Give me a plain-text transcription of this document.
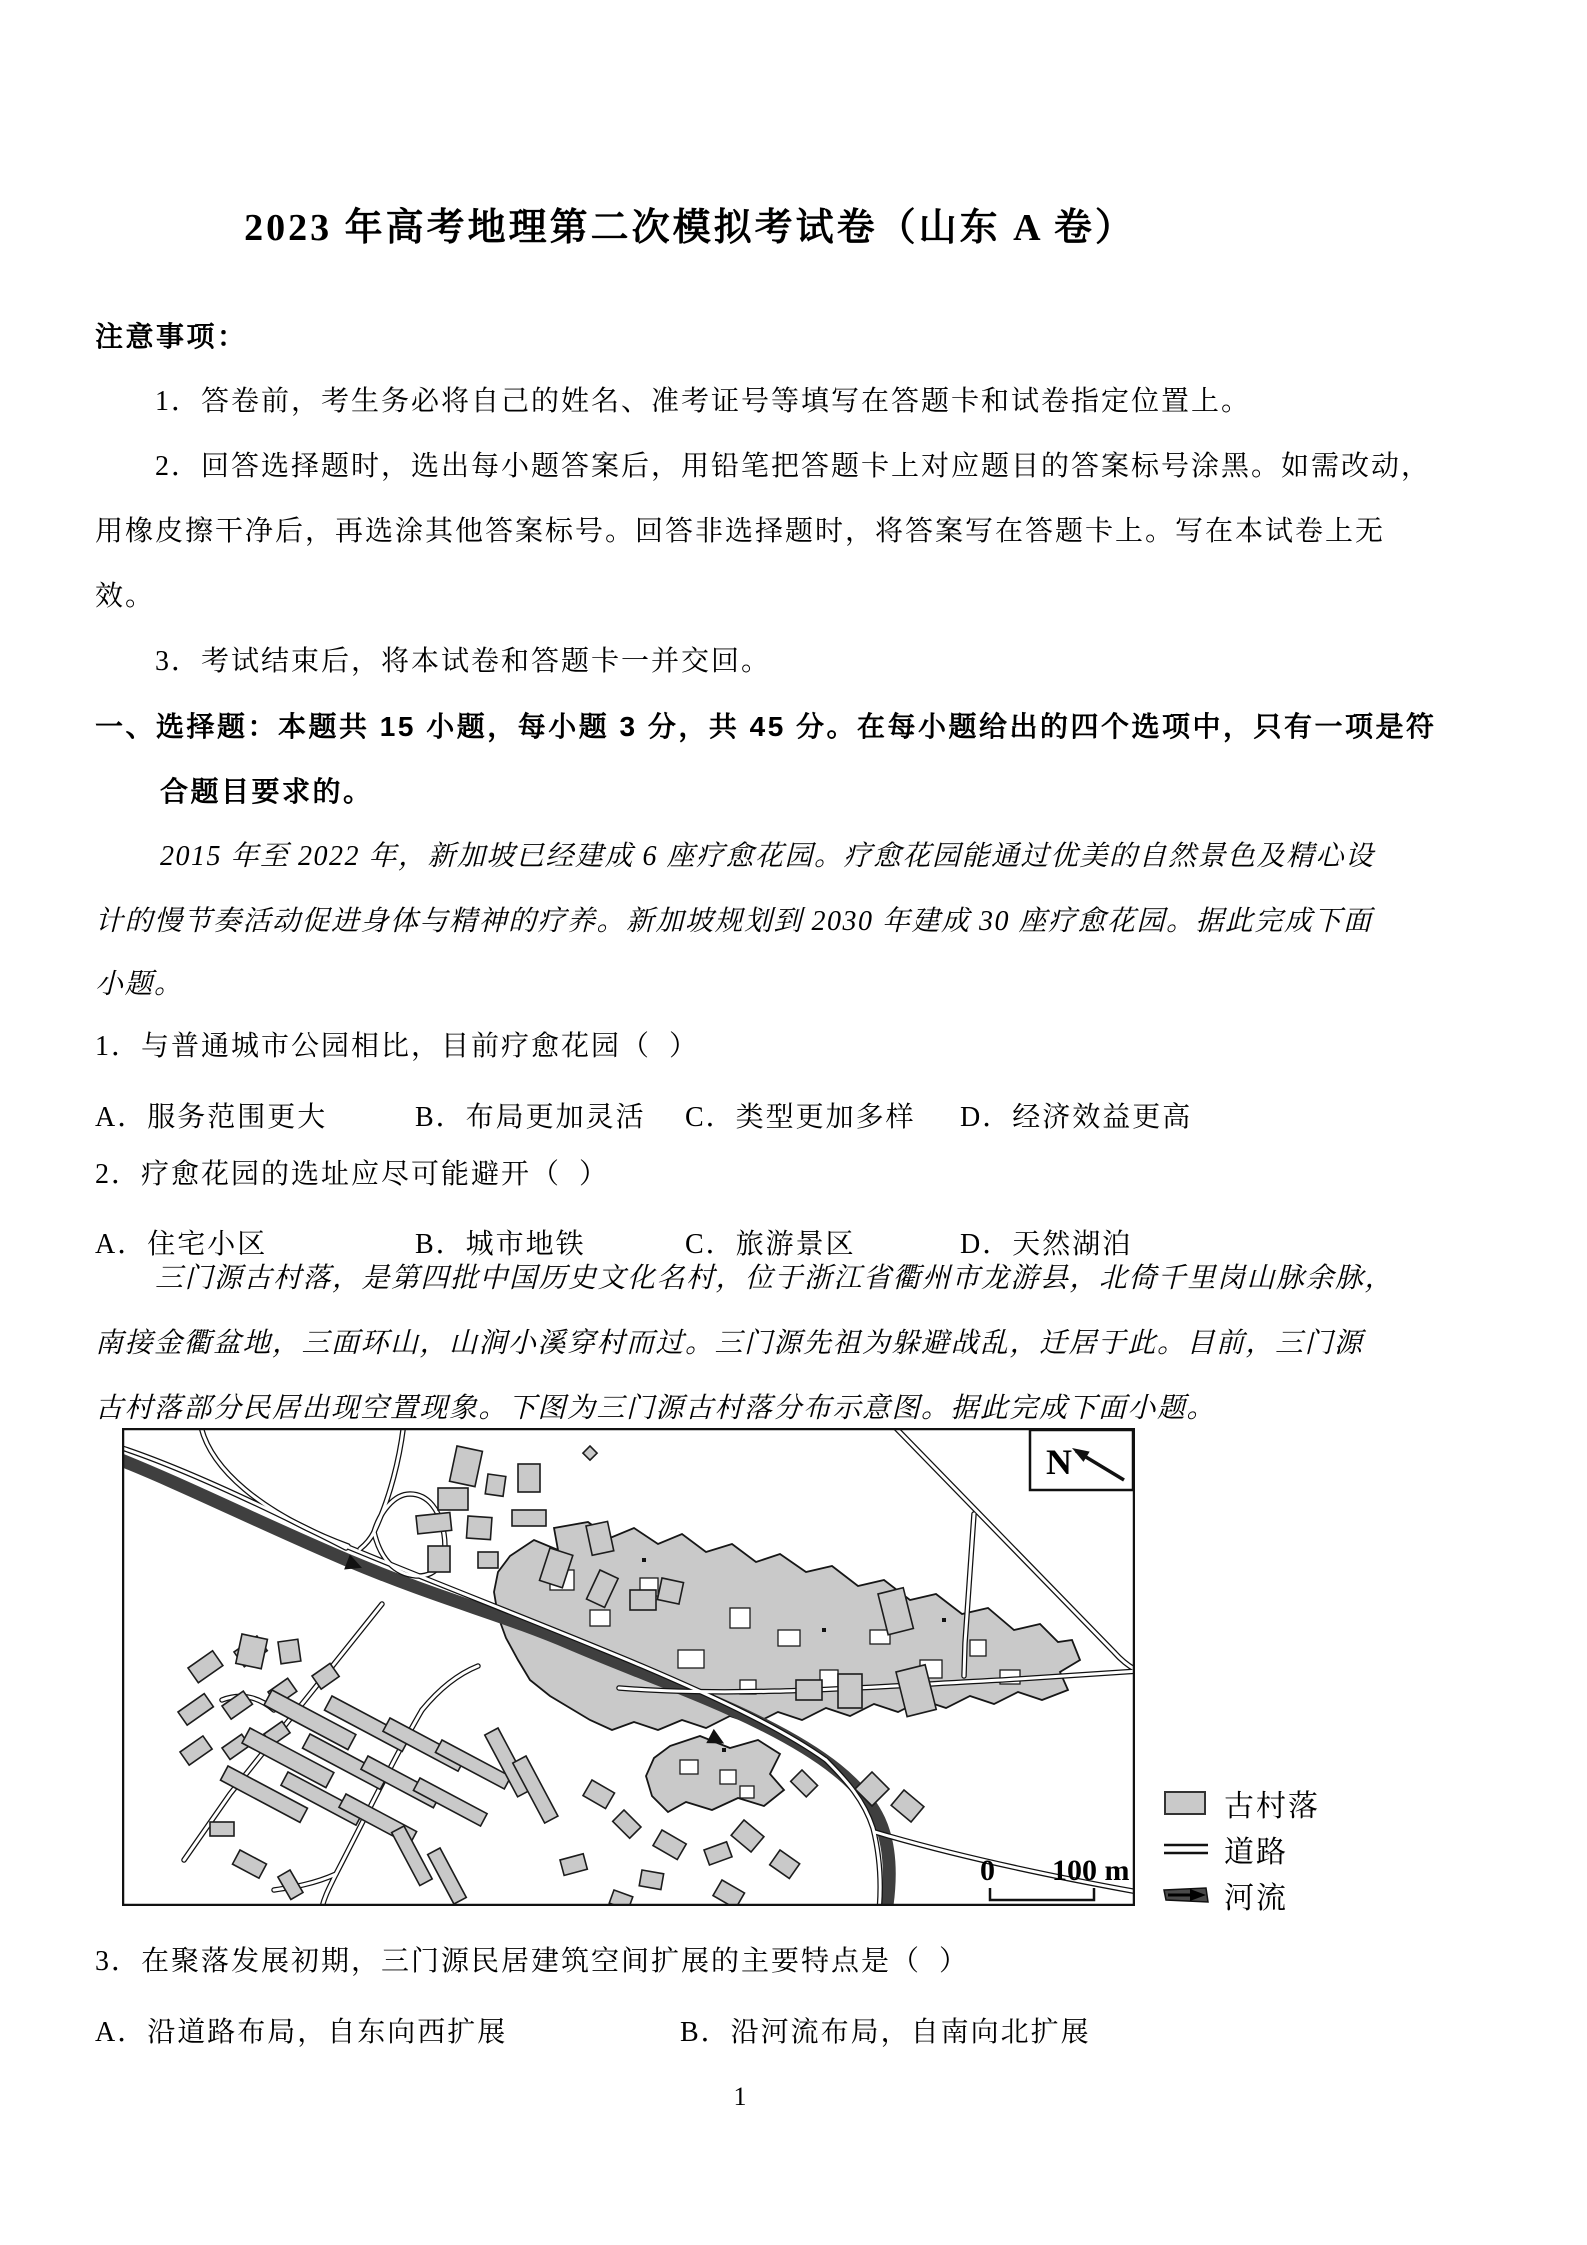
2023 年高考地理第二次模拟考试卷（山东 A 卷）
注意事项：
1．答卷前，考生务必将自己的姓名、准考证号等填写在答题卡和试卷指定位置上。
2．回答选择题时，选出每小题答案后，用铅笔把答题卡上对应题目的答案标号涂黑。如需改动，
用橡皮擦干净后，再选涂其他答案标号。回答非选择题时，将答案写在答题卡上。写在本试卷上无
效。
3．考试结束后，将本试卷和答题卡一并交回。
一、选择题：本题共 15 小题，每小题 3 分，共 45 分。在每小题给出的四个选项中，只有一项是符
合题目要求的。
2015 年至 2022 年，新加坡已经建成 6 座疗愈花园。疗愈花园能通过优美的自然景色及精心设
计的慢节奏活动促进身体与精神的疗养。新加坡规划到 2030 年建成 30 座疗愈花园。据此完成下面
小题。
1．与普通城市公园相比，目前疗愈花园（  ）
A．服务范围更大	B．布局更加灵活 C．类型更加多样 D．经济效益更高
2．疗愈花园的选址应尽可能避开（  ）
A．住宅小区	B．城市地铁	C．旅游景区	D．天然湖泊
三门源古村落，是第四批中国历史文化名村，位于浙江省衢州市龙游县，北倚千里岗山脉余脉，
南接金衢盆地，三面环山，山涧小溪穿村而过。三门源先祖为躲避战乱，迁居于此。目前，三门源
古村落部分民居出现空置现象。下图为三门源古村落分布示意图。据此完成下面小题。
0 100 m
N
古村落
道路
河流
3．在聚落发展初期，三门源民居建筑空间扩展的主要特点是（  ）
A．沿道路布局，自东向西扩展	B．沿河流布局，自南向北扩展
1
